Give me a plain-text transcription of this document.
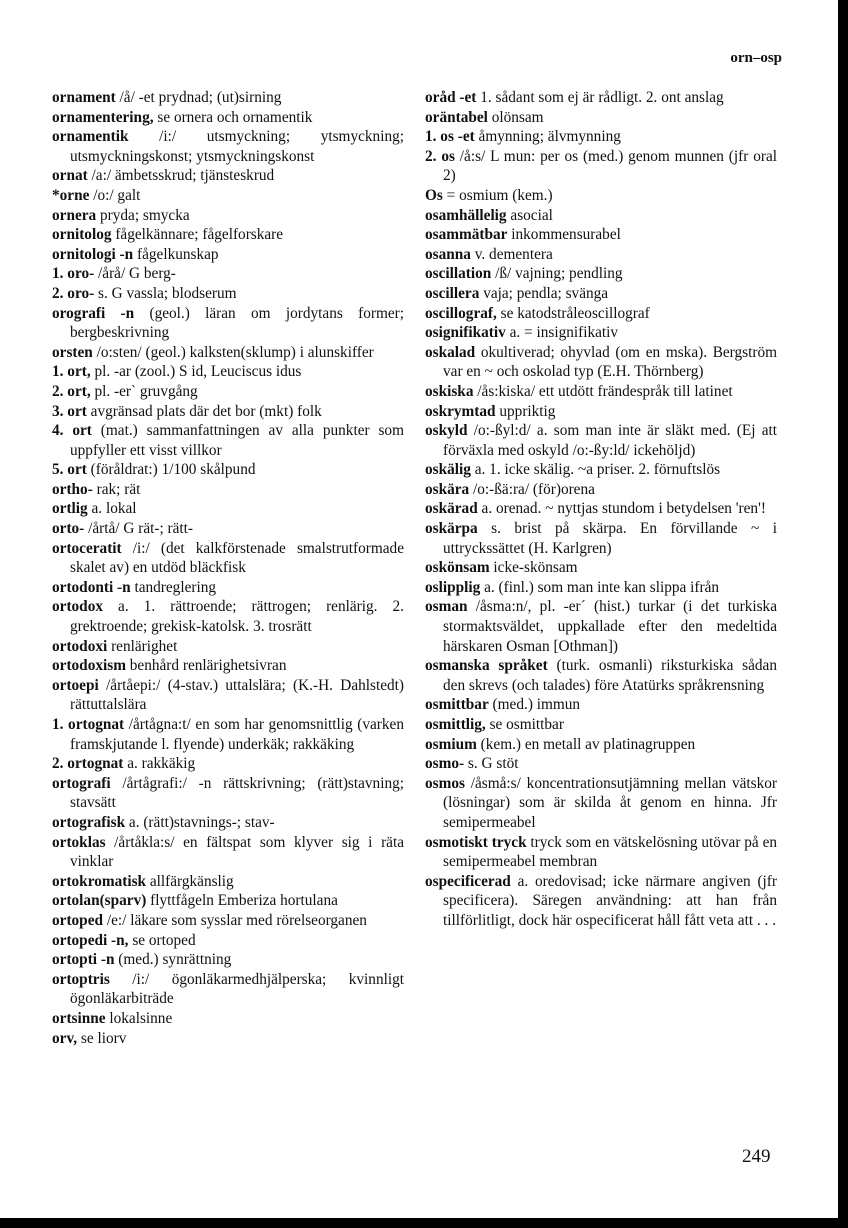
orn–osp

ornament /å/ -et prydnad; (ut)sirning

ornamentering, se ornera och ornamentik

ornamentik /i:/ utsmyckning; ytsmyckning; utsmyckningskonst; ytsmyckningskonst

ornat /a:/ ämbetsskrud; tjänsteskrud

*orne /o:/ galt

ornera pryda; smycka

ornitolog fågelkännare; fågelforskare

ornitologi -n fågelkunskap

1. oro- /årå/ G berg-

2. oro- s. G vassla; blodserum

orografi -n (geol.) läran om jordytans former; bergbeskrivning

orsten /o:sten/ (geol.) kalksten(sklump) i alunskiffer

1. ort, pl. -ar (zool.) S id, Leuciscus idus

2. ort, pl. -er` gruvgång

3. ort avgränsad plats där det bor (mkt) folk

4. ort (mat.) sammanfattningen av alla punkter som uppfyller ett visst villkor

5. ort (föråldrat:) 1/100 skålpund

ortho- rak; rät

ortlig a. lokal

orto- /årtå/ G rät-; rätt-

ortoceratit /i:/ (det kalkförstenade smalstrutformade skalet av) en utdöd bläckfisk

ortodonti -n tandreglering

ortodox a. 1. rättroende; rättrogen; renlärig. 2. grektroende; grekisk-katolsk. 3. trosrätt

ortodoxi renlärighet

ortodoxism benhård renlärighetsivran

ortoepi /årtåepi:/ (4-stav.) uttalslära; (K.-H. Dahlstedt) rättuttalslära

1. ortognat /årtågna:t/ en som har genomsnittlig (varken framskjutande l. flyende) underkäk; rakkäking

2. ortognat a. rakkäkig

ortografi /årtågrafi:/ -n rättskrivning; (rätt)stavning; stavsätt

ortografisk a. (rätt)stavnings-; stav-

ortoklas /årtåkla:s/ en fältspat som klyver sig i räta vinklar

ortokromatisk allfärgkänslig

ortolan(sparv) flyttfågeln Emberiza hortulana

ortoped /e:/ läkare som sysslar med rörelseorganen

ortopedi -n, se ortoped

ortopti -n (med.) synrättning

ortoptris /i:/ ögonläkarmedhjälperska; kvinnligt ögonläkarbiträde

ortsinne lokalsinne

orv, se liorv

oråd -et 1. sådant som ej är rådligt. 2. ont anslag

oräntabel olönsam

1. os -et åmynning; älvmynning

2. os /å:s/ L mun: per os (med.) genom munnen (jfr oral 2)

Os = osmium (kem.)

osamhällelig asocial

osammätbar inkommensurabel

osanna v. dementera

oscillation /ß/ vajning; pendling

oscillera vaja; pendla; svänga

oscillograf, se katodstråleoscillograf

osignifikativ a. = insignifikativ

oskalad okultiverad; ohyvlad (om en mska). Bergström var en ~ och oskolad typ (E.H. Thörnberg)

oskiska /ås:kiska/ ett utdött frändespråk till latinet

oskrymtad uppriktig

oskyld /o:-ßyl:d/ a. som man inte är släkt med. (Ej att förväxla med oskyld /o:-ßy:ld/ ickehöljd)

oskälig a. 1. icke skälig. ~a priser. 2. förnuftslös

oskära /o:-ßä:ra/ (för)orena

oskärad a. orenad. ~ nyttjas stundom i betydelsen 'ren'!

oskärpa s. brist på skärpa. En förvillande ~ i uttryckssättet (H. Karlgren)

oskönsam icke-skönsam

oslipplig a. (finl.) som man inte kan slippa ifrån

osman /åsma:n/, pl. -er´ (hist.) turkar (i det turkiska stormaktsväldet, uppkallade efter den medeltida härskaren Osman [Othman])

osmanska språket (turk. osmanli) riksturkiska sådan den skrevs (och talades) före Atatürks språkrensning

osmittbar (med.) immun

osmittlig, se osmittbar

osmium (kem.) en metall av platinagruppen

osmo- s. G stöt

osmos /åsmå:s/ koncentrationsutjämning mellan vätskor (lösningar) som är skilda åt genom en hinna. Jfr semipermeabel

osmotiskt tryck tryck som en vätskelösning utövar på en semipermeabel membran

ospecificerad a. oredovisad; icke närmare angiven (jfr specificera). Säregen användning: att han från tillförlitligt, dock här ospecificerat håll fått veta att . . .

249
